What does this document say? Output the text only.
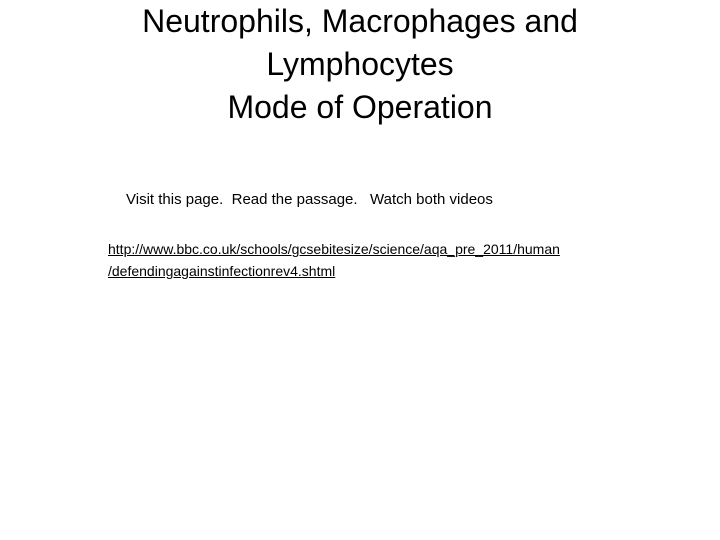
Neutrophils, Macrophages and
Lymphocytes
Mode of Operation
Visit this page.  Read the passage.   Watch both videos
http://www.bbc.co.uk/schools/gcsebitesize/science/aqa_pre_2011/human
/defendingagainstinfectionrev4.shtml
